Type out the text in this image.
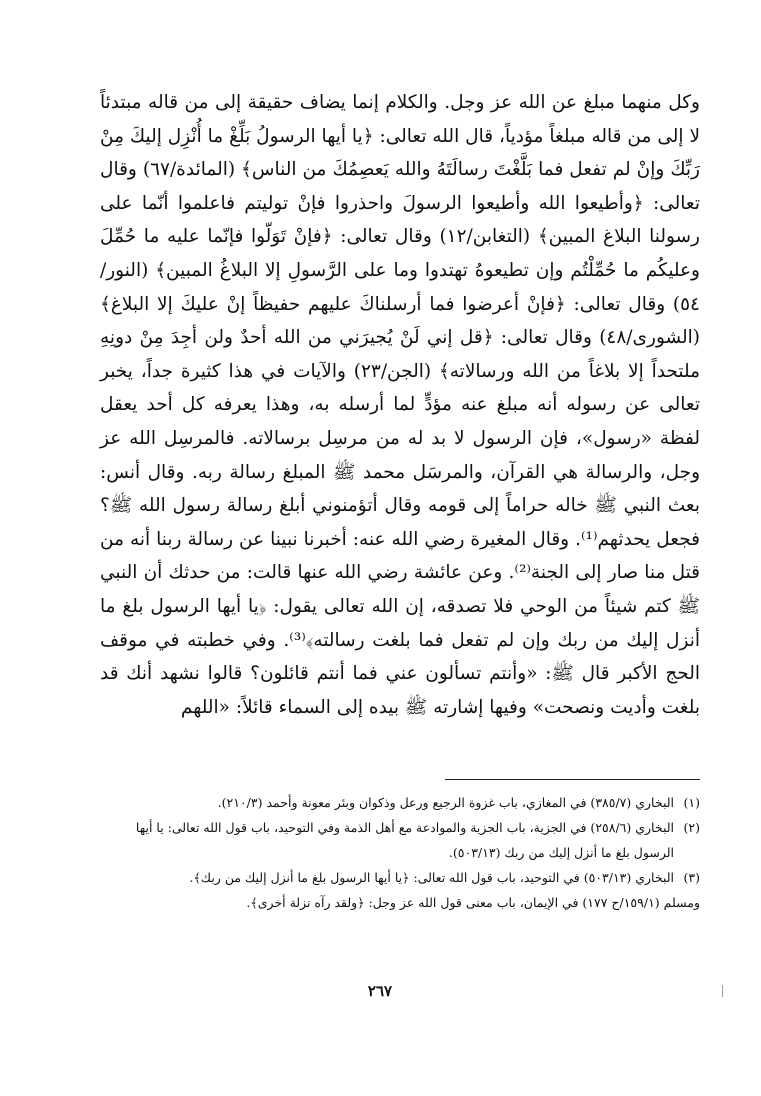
وكل منهما مبلغ عن الله عز وجل. والكلام إنما يضاف حقيقة إلى من قاله مبتدئاً لا إلى من قاله مبلغاً مؤدياً، قال الله تعالى: ﴿يا أيها الرسولُ بَلِّغْ ما أُنْزِل إليكَ مِنْ رَبِّكَ وإنْ لم تفعل فما بَلَّغْتَ رسالَتَهُ والله يَعصِمُكَ من الناس﴾ (المائدة/٦٧) وقال تعالى: ﴿وأطيعوا الله وأطيعوا الرسولَ واحذروا فإنْ توليتم فاعلموا أنّما على رسولنا البلاغ المبين﴾ (التغابن/١٢) وقال تعالى: ﴿فإنْ تَوَلّوا فإنّما عليه ما حُمِّلَ وعليكُم ما حُمِّلْتُم وإن تطيعوهُ تهتدوا وما على الرَّسولِ إلا البلاغُ المبين﴾ (النور/٥٤) وقال تعالى: ﴿فإنْ أعرضوا فما أرسلناكَ عليهم حفيظاً إنْ عليكَ إلا البلاغ﴾ (الشورى/٤٨) وقال تعالى: ﴿قل إني لَنْ يُجيرَني من الله أحدٌ ولن أجِدَ مِنْ دونِهِ ملتحداً إلا بلاغاً من الله ورسالاته﴾ (الجن/٢٣) والآيات في هذا كثيرة جداً، يخبر تعالى عن رسوله أنه مبلغ عنه مؤدٍّ لما أرسله به، وهذا يعرفه كل أحد يعقل لفظة «رسول»، فإن الرسول لا بد له من مرسِل برسالاته. فالمرسِل الله عز وجل، والرسالة هي القرآن، والمرسَل محمد ﷺ المبلغ رسالة ربه. وقال أنس: بعث النبي ﷺ خاله حراماً إلى قومه وقال أتؤمنوني أبلغ رسالة رسول الله ﷺ؟ فجعل يحدثهم⁽¹⁾. وقال المغيرة رضي الله عنه: أخبرنا نبينا عن رسالة ربنا أنه من قتل منا صار إلى الجنة⁽²⁾. وعن عائشة رضي الله عنها قالت: من حدثك أن النبي ﷺ كتم شيئاً من الوحي فلا تصدقه، إن الله تعالى يقول: ﴿يا أيها الرسول بلغ ما أنزل إليك من ربك وإن لم تفعل فما بلغت رسالته﴾⁽³⁾. وفي خطبته في موقف الحج الأكبر قال ﷺ: «وأنتم تسألون عني فما أنتم قائلون؟ قالوا نشهد أنك قد بلغت وأديت ونصحت» وفيها إشارته ﷺ بيده إلى السماء قائلاً: «اللهم

(١)
البخاري (٣٨٥/٧) في المغازي، باب غزوة الرجيع ورعل وذكوان وبئر معونة وأحمد (٢١٠/٣).

(٢)
البخاري (٢٥٨/٦) في الجزية، باب الجزية والموادعة مع أهل الذمة وفي التوحيد، باب قول الله تعالى: يا أيها الرسول بلغ ما أنزل إليك من ربك (٥٠٣/١٣).

(٣)
البخاري (٥٠٣/١٣) في التوحيد، باب قول الله تعالى: ﴿يا أيها الرسول بلغ ما أنزل إليك من ربك﴾.

ومسلم (١٥٩/١/ح ١٧٧) في الإيمان، باب معنى قول الله عز وجل: ﴿ولقد رآه نزلة أخرى﴾.

٢٦٧
